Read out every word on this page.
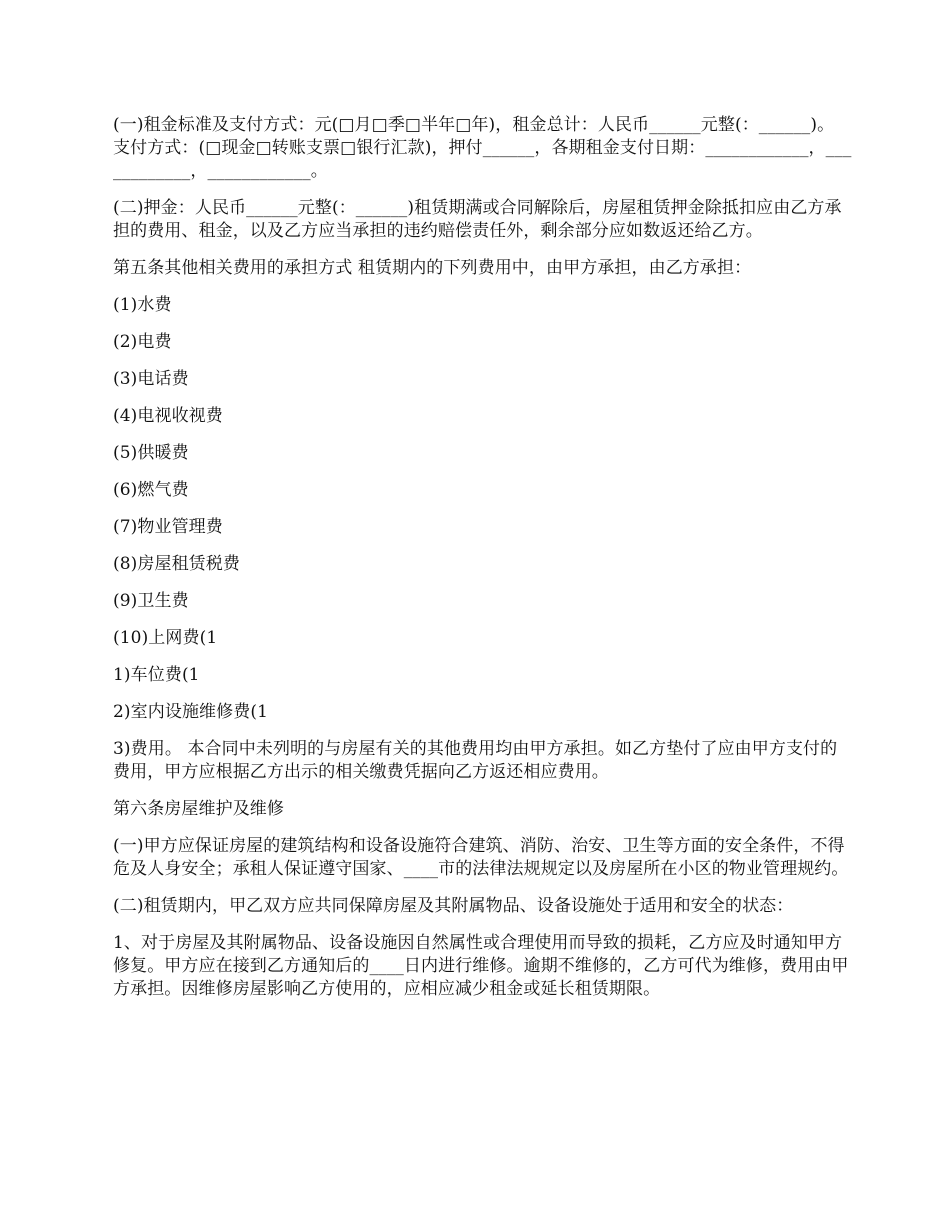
(一)租金标准及支付方式：元(□月□季□半年□年)，租金总计：人民币______元整(：______)。 支付方式：(□现金□转账支票□银行汇款)，押付______，各期租金支付日期：____________，____________，____________。

(二)押金：人民币______元整(：______)租赁期满或合同解除后，房屋租赁押金除抵扣应由乙方承担的费用、租金，以及乙方应当承担的违约赔偿责任外，剩余部分应如数返还给乙方。

第五条其他相关费用的承担方式 租赁期内的下列费用中，由甲方承担，由乙方承担：

(1)水费

(2)电费

(3)电话费

(4)电视收视费

(5)供暖费

(6)燃气费

(7)物业管理费

(8)房屋租赁税费

(9)卫生费

(10)上网费(1

1)车位费(1

2)室内设施维修费(1

3)费用。 本合同中未列明的与房屋有关的其他费用均由甲方承担。如乙方垫付了应由甲方支付的费用，甲方应根据乙方出示的相关缴费凭据向乙方返还相应费用。

第六条房屋维护及维修

(一)甲方应保证房屋的建筑结构和设备设施符合建筑、消防、治安、卫生等方面的安全条件，不得危及人身安全；承租人保证遵守国家、____市的法律法规规定以及房屋所在小区的物业管理规约。

(二)租赁期内，甲乙双方应共同保障房屋及其附属物品、设备设施处于适用和安全的状态：

1、对于房屋及其附属物品、设备设施因自然属性或合理使用而导致的损耗，乙方应及时通知甲方修复。甲方应在接到乙方通知后的____日内进行维修。逾期不维修的，乙方可代为维修，费用由甲方承担。因维修房屋影响乙方使用的，应相应减少租金或延长租赁期限。
